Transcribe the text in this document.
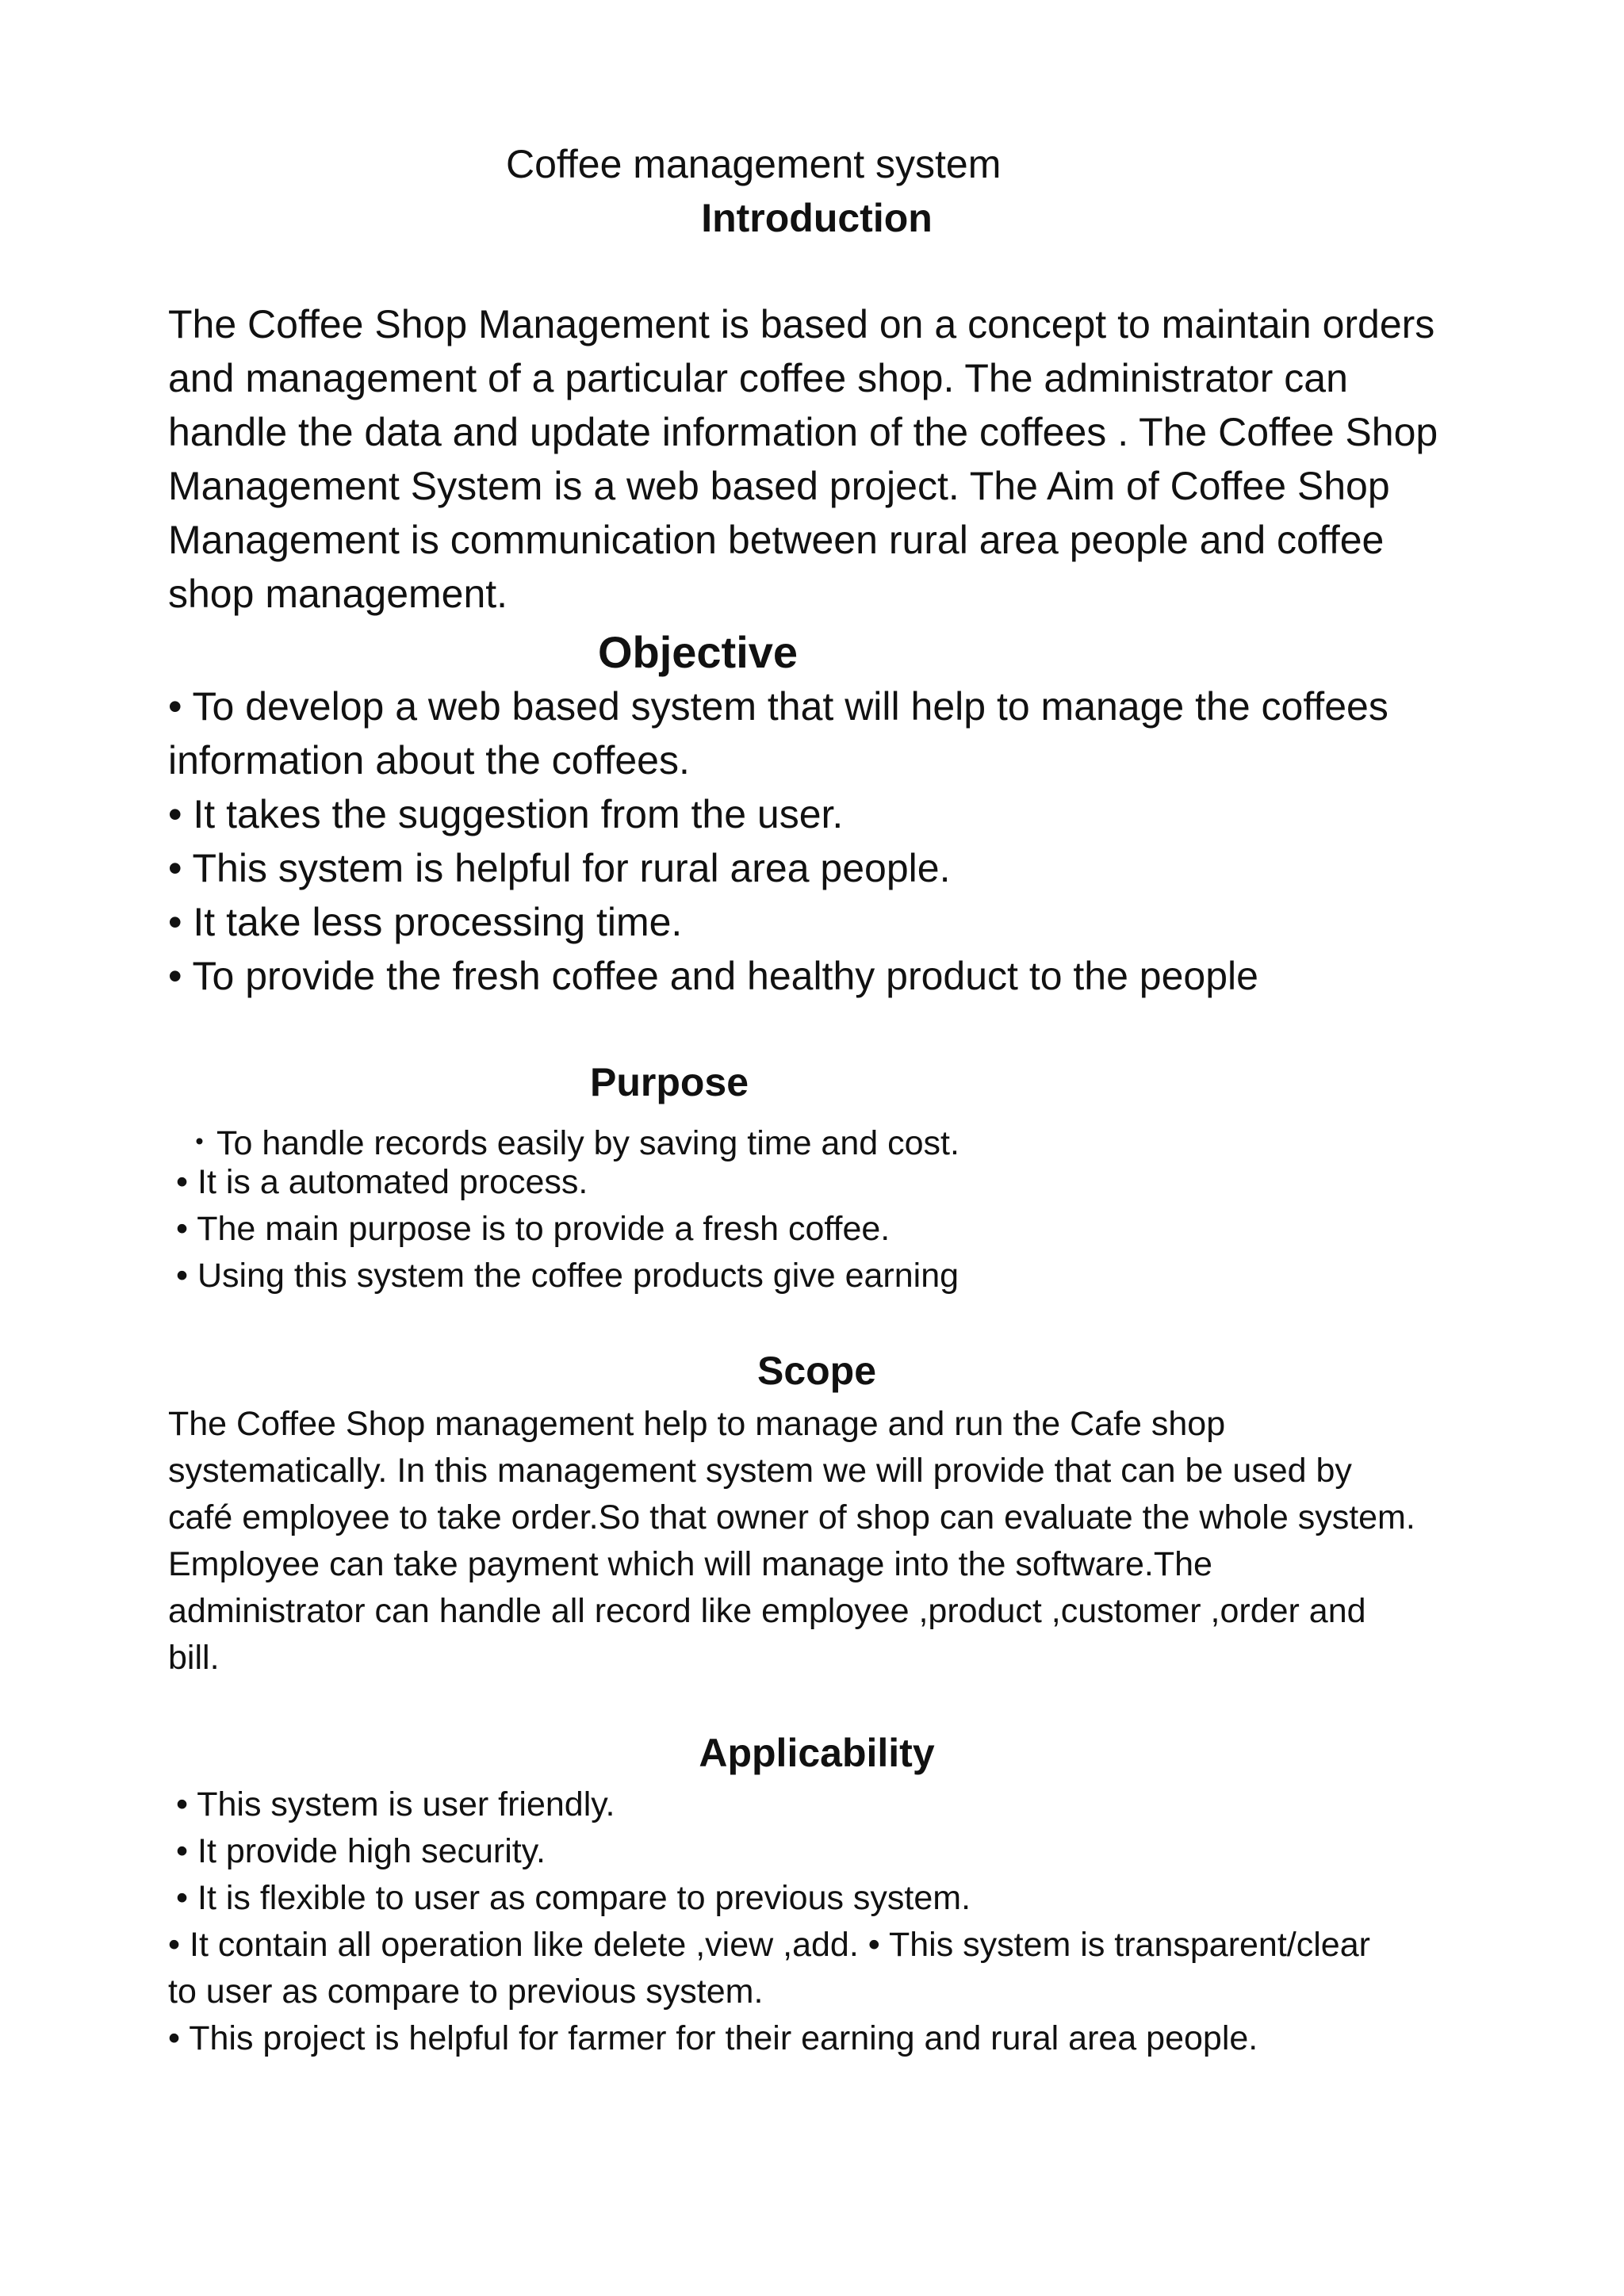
Coffee management system

Introduction

The Coffee Shop Management is based on a concept to maintain orders

and management of a particular coffee shop. The administrator can

handle the data and update information of the coffees . The Coffee Shop

Management System is a web based project. The Aim of Coffee Shop

Management is communication between rural area people and coffee

shop management.

Objective

• To develop a web based system that will help to manage the coffees

information about the coffees.

• It takes the suggestion from the user.

• This system is helpful for rural area people.

• It take less processing time.

• To provide the fresh coffee and healthy product to the people

Purpose

・To handle records easily by saving time and cost.

• It is a automated process.

• The main purpose is to provide a fresh coffee.

• Using this system the coffee products give earning

Scope

The Coffee Shop management help to manage and run the Cafe shop

systematically. In this management system we will provide that can be used by

café employee to take order.So that owner of shop can evaluate the whole system.

Employee can take payment which will manage into the software.The

administrator can handle all record like employee ,product ,customer ,order and

bill.

Applicability

• This system is user friendly.

• It provide high security.

• It is flexible to user as compare to previous system.

• It contain all operation like delete ,view ,add. • This system is transparent/clear

to user as compare to previous system.

• This project is helpful for farmer for their earning and rural area people.
